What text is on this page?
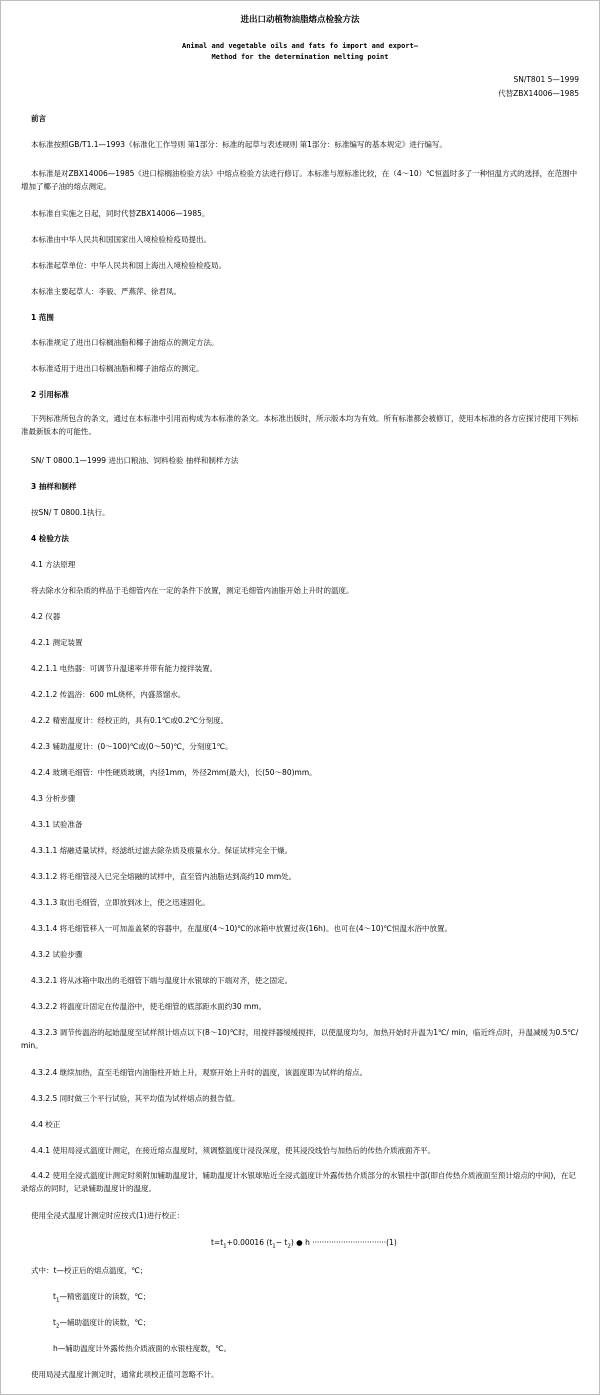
进出口动植物油脂熔点检验方法
Animal and vegetable oils and fats fo import and export—
Method for the determination melting point
SN/T801 5—1999
代替ZBX14006—1985
前言
本标准按照GB/T1.1—1993《标准化工作导则 第1部分：标准的起草与表述规则 第1部分：标准编写的基本规定》进行编写。
本标准是对ZBX14006—1985《进口棕榈油检验方法》中熔点检验方法进行修订。本标准与原标准比较，在（4～10）℃恒温时多了一种恒温方式的选择，在范围中增加了椰子油的熔点测定。
本标准自实施之日起，同时代替ZBX14006—1985。
本标准由中华人民共和国国家出入境检验检疫局提出。
本标准起草单位：中华人民共和国上海出入境检验检疫局。
本标准主要起草人：李毅、严燕萍、徐君凤。
1 范围
本标准规定了进出口棕榈油脂和椰子油熔点的测定方法。
本标准适用于进出口棕榈油脂和椰子油熔点的测定。
2 引用标准
下列标准所包含的条文，通过在本标准中引用而构成为本标准的条文。本标准出版时，所示版本均为有效。所有标准都会被修订，使用本标准的各方应探讨使用下列标准最新版本的可能性。
SN/ T 0800.1—1999 进出口粮油、饲料检验 抽样和制样方法
3 抽样和制样
按SN/ T 0800.1执行。
4 检验方法
4.1 方法原理
将去除水分和杂质的样品于毛细管内在一定的条件下放置，测定毛细管内油脂开始上升时的温度。
4.2 仪器
4.2.1 测定装置
4.2.1.1 电热器：可调节升温速率并带有能力搅拌装置。
4.2.1.2 传温浴：600 mL烧杯，内盛蒸馏水。
4.2.2 精密温度计：经校正的，具有0.1℃或0.2℃分刻度。
4.2.3 辅助温度计：(0～100)℃或(0～50)℃，分刻度1℃。
4.2.4 玻璃毛细管：中性硬质玻璃，内径1mm，外径2mm(最大)，长(50～80)mm。
4.3 分析步骤
4.3.1 试验准备
4.3.1.1 熔融适量试样，经滤纸过滤去除杂质及痕量水分。保证试样完全干燥。
4.3.1.2 将毛细管浸入已完全熔融的试样中，直至管内油脂达到高约10 mm处。
4.3.1.3 取出毛细管，立即放到冰上，使之迅速固化。
4.3.1.4 将毛细管移入一可加盖盖紧的容器中，在温度(4～10)℃的冰箱中放置过夜(16h)。也可在(4～10)℃恒温水浴中放置。
4.3.2 试验步骤
4.3.2.1 将从冰箱中取出的毛细管下端与温度计水银球的下端对齐，使之固定。
4.3.2.2 将温度计固定在传温浴中，使毛细管的底部距水面约30 mm。
4.3.2.3 调节传温浴的起始温度至试样预计熔点以下(8～10)℃时，用搅拌器缓缓搅拌，以使温度均匀，加热开始时升温为1℃/ min，临近终点时，升温减缓为0.5℃/ min。
4.3.2.4 继续加热，直至毛细管内油脂柱开始上升，观察开始上升时的温度，该温度即为试样的熔点。
4.3.2.5 同时做三个平行试验，其平均值为试样熔点的报告值。
4.4 校正
4.4.1 使用局浸式温度计测定，在接近熔点温度时，须调整温度计浸没深度，使其浸没线恰与加热后的传热介质液面齐平。
4.4.2 使用全浸式温度计测定时须附加辅助温度计，辅助温度计水银球贴近全浸式温度计外露传热介质部分的水银柱中部(即自传热介质液面至预计熔点的中间)，在记录熔点的同时，记录辅助温度计的温度。
使用全浸式温度计测定时应按式(1)进行校正：
$t=t_1+0.00016$ $(t_1- t_2)$ ● h ·······························(1)
式中：t—校正后的熔点温度，℃；
$t_1—$精密温度计的读数，℃；
$t_2—$辅助温度计的读数，℃；
h—辅助温度计外露传热介质液面的水银柱度数，℃。
使用局浸式温度计测定时，通常此项校正值可忽略不计。
